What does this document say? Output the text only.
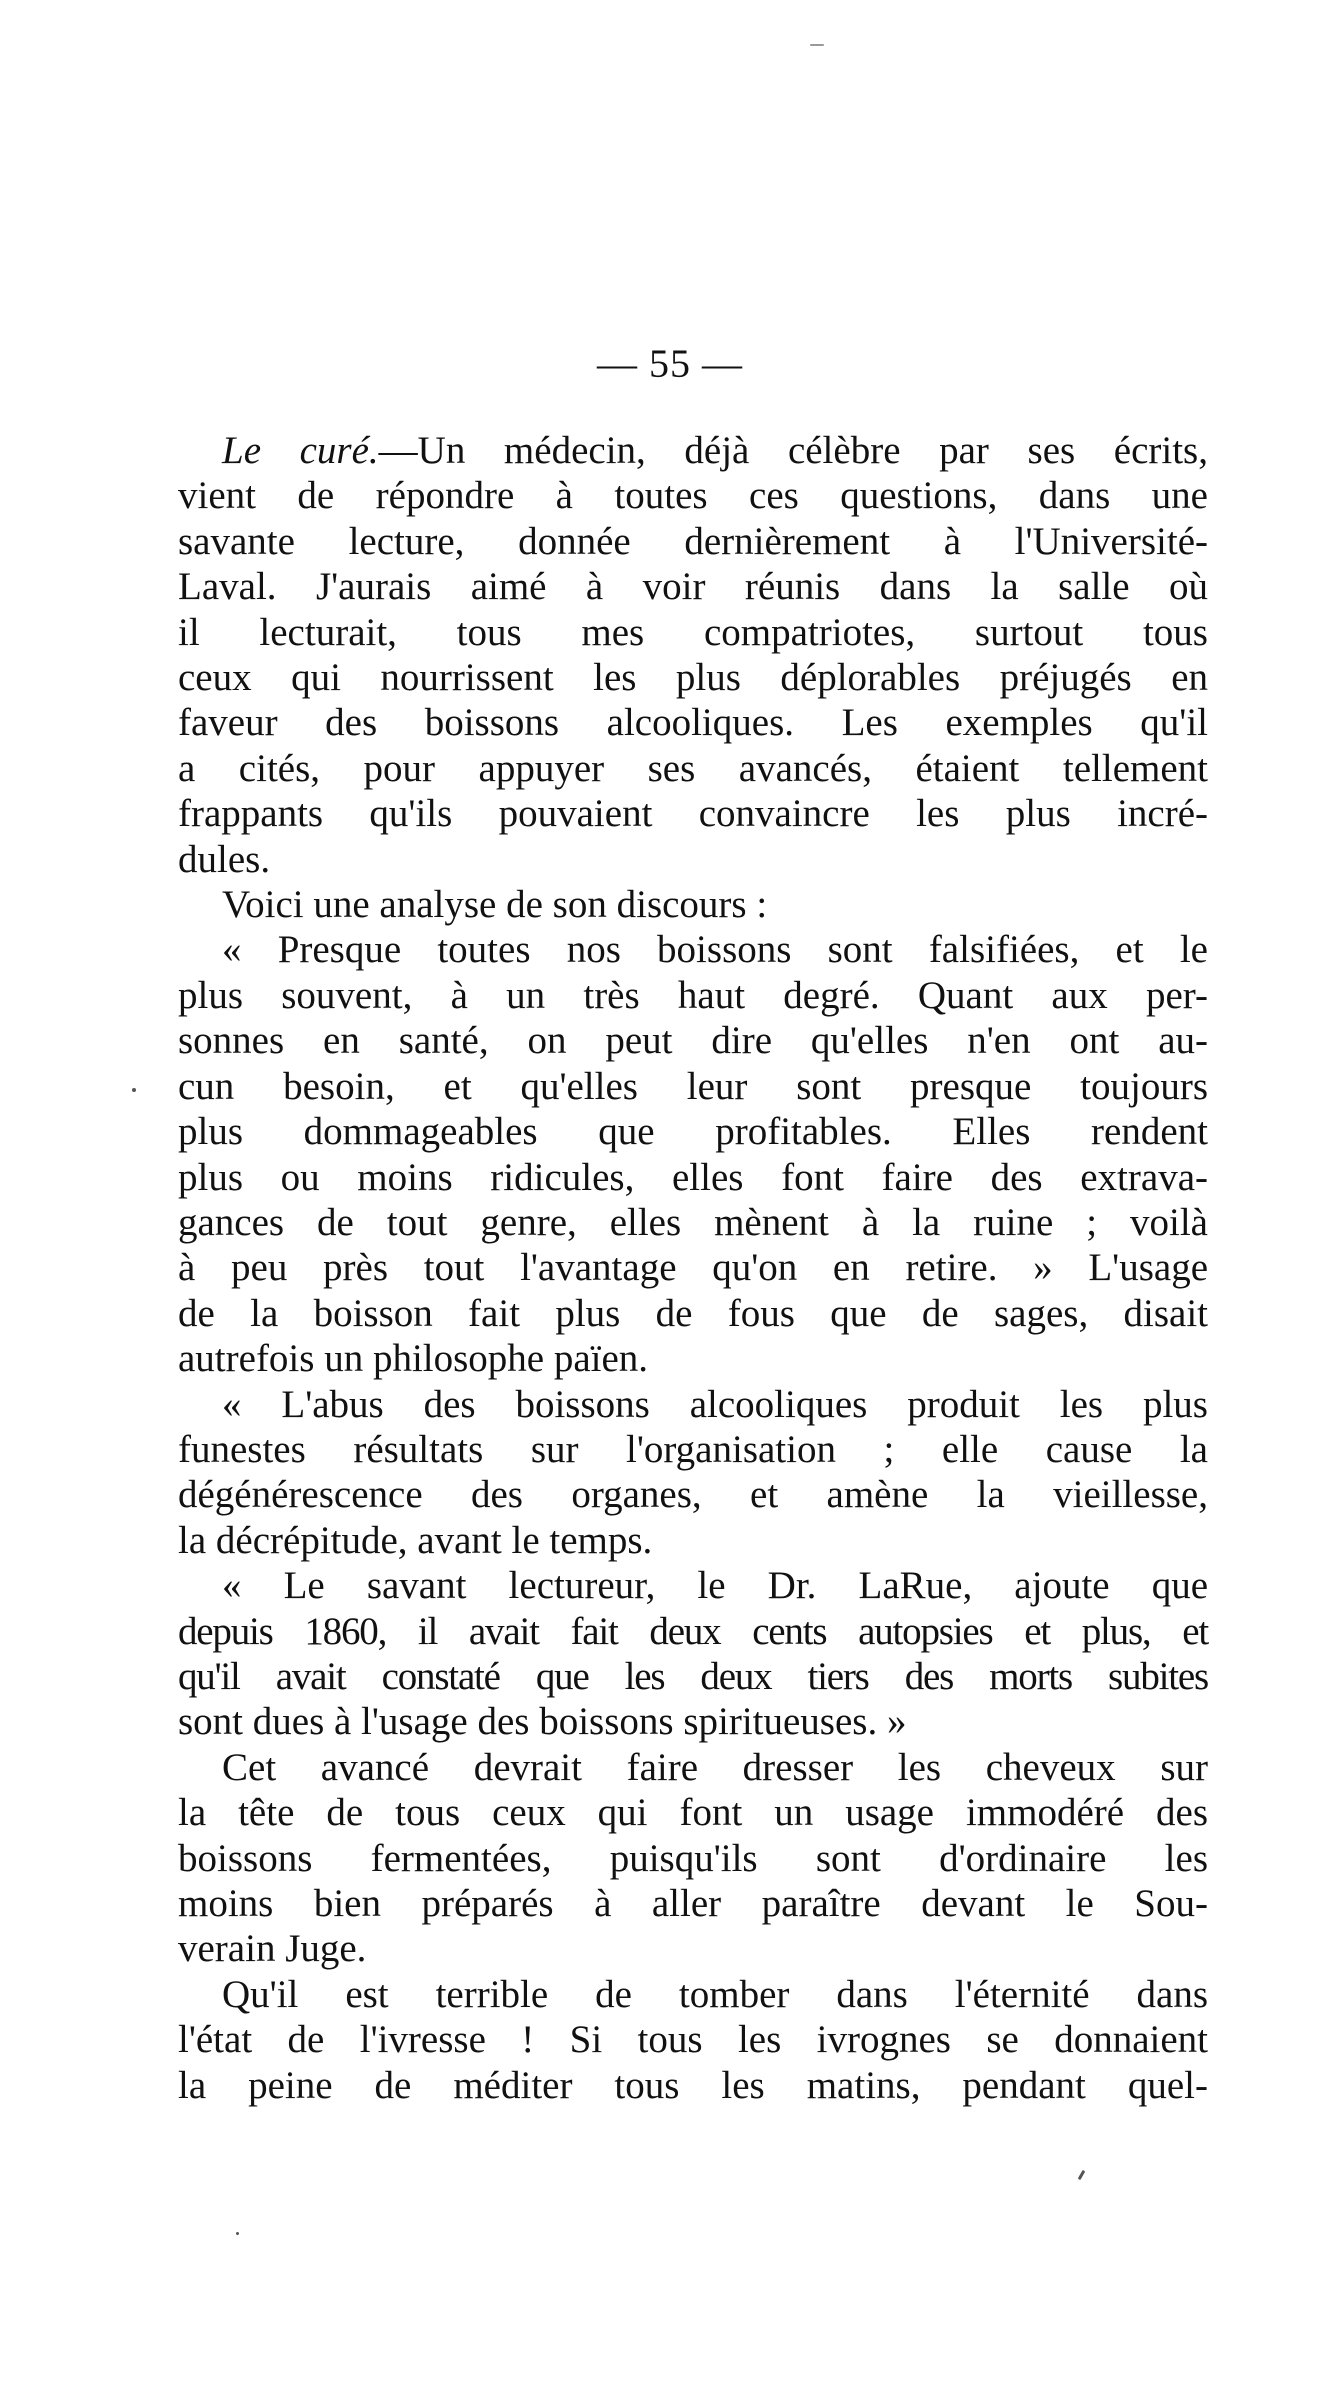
— 55 —

Le curé.—Un médecin, déjà célèbre par ses écrits,
vient de répondre à toutes ces questions, dans une
savante lecture, donnée dernièrement à l'Université-
Laval. J'aurais aimé à voir réunis dans la salle où
il lecturait, tous mes compatriotes, surtout tous
ceux qui nourrissent les plus déplorables préjugés en
faveur des boissons alcooliques. Les exemples qu'il
a cités, pour appuyer ses avancés, étaient tellement
frappants qu'ils pouvaient convaincre les plus incré-
dules.

Voici une analyse de son discours :

« Presque toutes nos boissons sont falsifiées, et le
plus souvent, à un très haut degré. Quant aux per-
sonnes en santé, on peut dire qu'elles n'en ont au-
cun besoin, et qu'elles leur sont presque toujours
plus dommageables que profitables. Elles rendent
plus ou moins ridicules, elles font faire des extrava-
gances de tout genre, elles mènent à la ruine ; voilà
à peu près tout l'avantage qu'on en retire. » L'usage
de la boisson fait plus de fous que de sages, disait
autrefois un philosophe païen.

« L'abus des boissons alcooliques produit les plus
funestes résultats sur l'organisation ; elle cause la
dégénérescence des organes, et amène la vieillesse,
la décrépitude, avant le temps.

« Le savant lectureur, le Dr. LaRue, ajoute que
depuis 1860, il avait fait deux cents autopsies et plus, et
qu'il avait constaté que les deux tiers des morts subites
sont dues à l'usage des boissons spiritueuses. »

Cet avancé devrait faire dresser les cheveux sur
la tête de tous ceux qui font un usage immodéré des
boissons fermentées, puisqu'ils sont d'ordinaire les
moins bien préparés à aller paraître devant le Sou-
verain Juge.

Qu'il est terrible de tomber dans l'éternité dans
l'état de l'ivresse ! Si tous les ivrognes se donnaient
la peine de méditer tous les matins, pendant quel-
